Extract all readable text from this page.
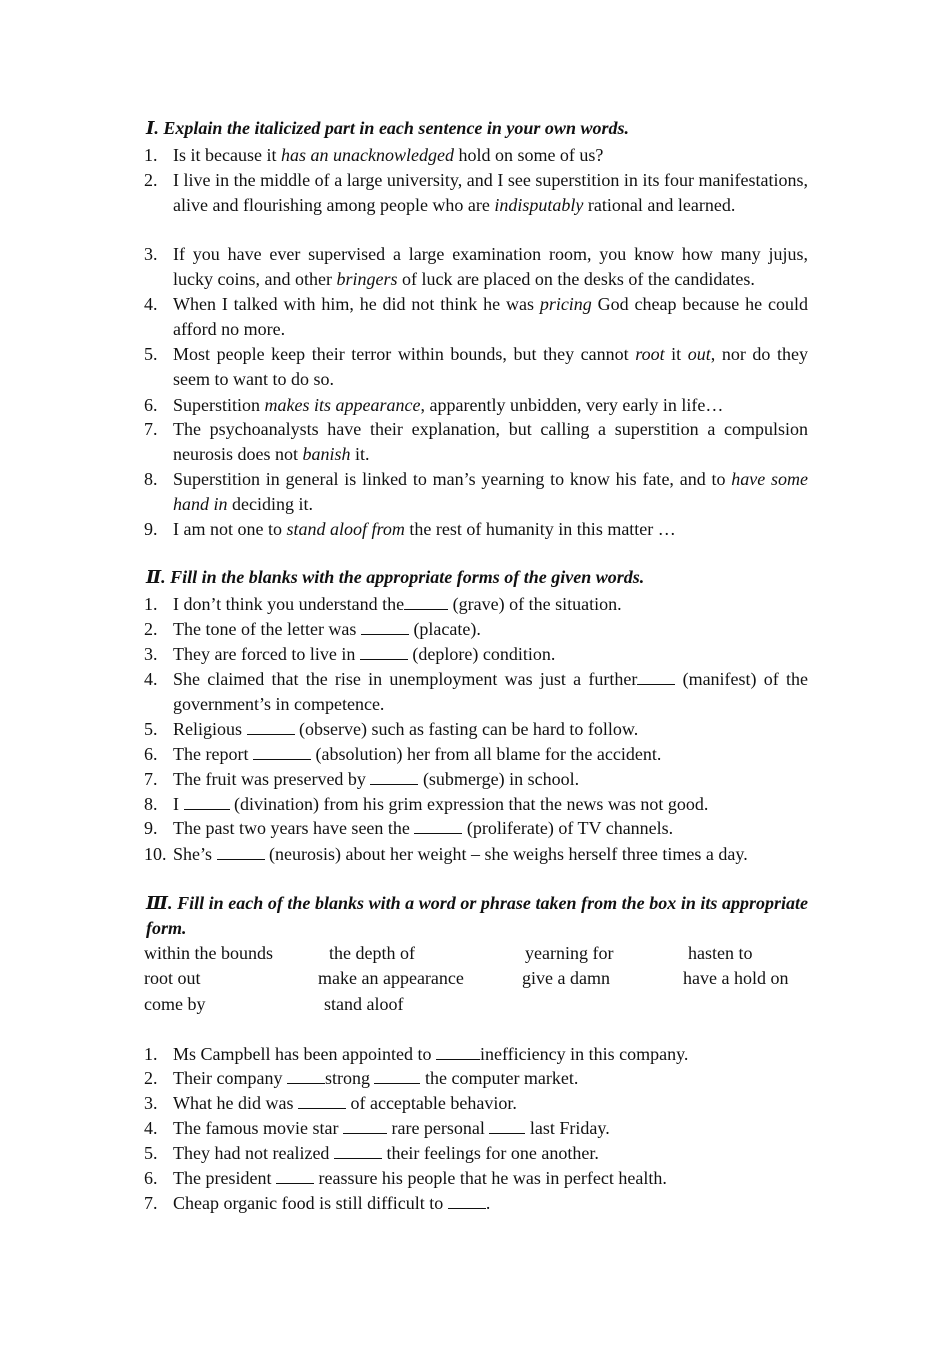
Ⅰ. Explain the italicized part in each sentence in your own words.
1. Is it because it has an unacknowledged hold on some of us?
2. I live in the middle of a large university, and I see superstition in its four manifestations, alive and flourishing among people who are indisputably rational and learned.
3. If you have ever supervised a large examination room, you know how many jujus, lucky coins, and other bringers of luck are placed on the desks of the candidates.
4. When I talked with him, he did not think he was pricing God cheap because he could afford no more.
5. Most people keep their terror within bounds, but they cannot root it out, nor do they seem to want to do so.
6. Superstition makes its appearance, apparently unbidden, very early in life…
7. The psychoanalysts have their explanation, but calling a superstition a compulsion neurosis does not banish it.
8. Superstition in general is linked to man’s yearning to know his fate, and to have some hand in deciding it.
9. I am not one to stand aloof from the rest of humanity in this matter …
Ⅱ. Fill in the blanks with the appropriate forms of the given words.
1. I don’t think you understand the (grave) of the situation.
2. The tone of the letter was	(placate).
3. They are forced to live in	(deplore) condition.
4. She claimed that the rise in unemployment was just a further (manifest) of the government’s in competence.
5. Religious	(observe) such as fasting can be hard to follow.
6. The report	(absolution) her from all blame for the accident.
7. The fruit was preserved by	(submerge) in school.
8. I	(divination) from his grim expression that the news was not good.
9. The past two years have seen the	(proliferate) of TV channels.
10. She’s	(neurosis) about her weight – she weighs herself three times a day.
Ⅲ. Fill in each of the blanks with a word or phrase taken from the box in its appropriate form.
within the bounds	the depth of	yearning for	hasten to
root out	make an appearance	give a damn	have a hold on
come by	stand aloof
1. Ms Campbell has been appointed to inefficiency in this company.
2. Their company strong	the computer market.
3. What he did was	of acceptable behavior.
4. The famous movie star  rare personal  last Friday.
5. They had not realized	their feelings for one another.
6. The president  reassure his people that he was in perfect health.
7. Cheap organic food is still difficult to .
